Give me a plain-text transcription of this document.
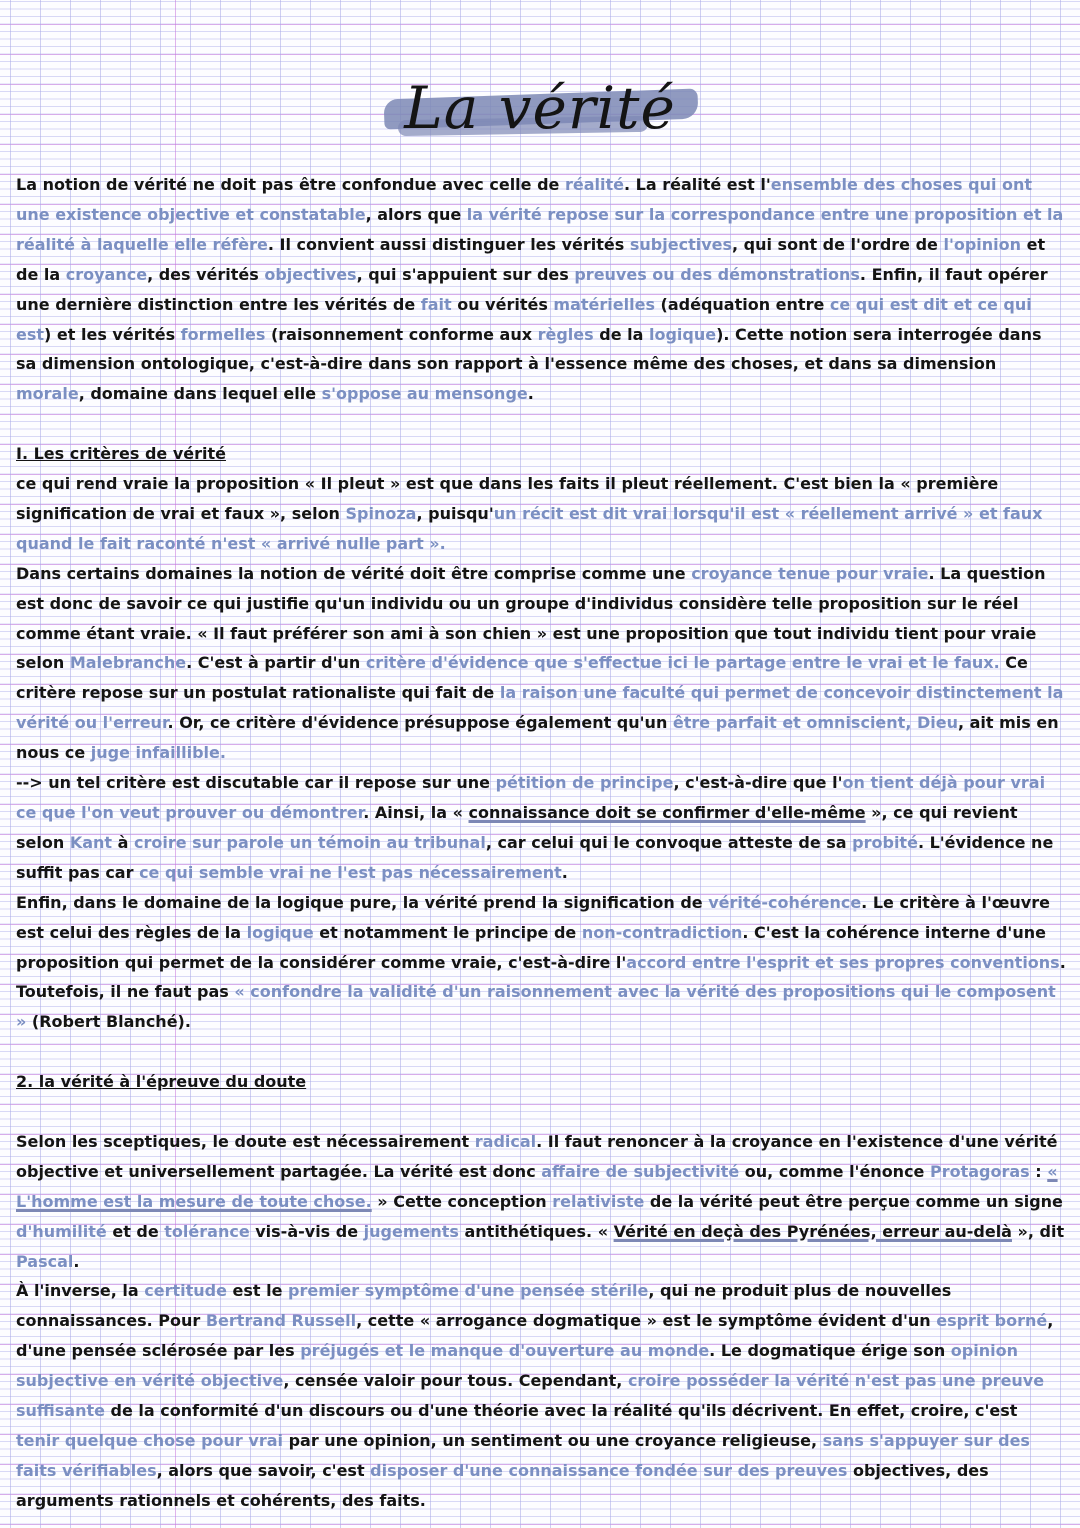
La vérité

La notion de vérité ne doit pas être confondue avec celle de réalité. La réalité est l'ensemble des choses qui ont une existence objective et constatable, alors que la vérité repose sur la correspondance entre une proposition et la réalité à laquelle elle réfère. Il convient aussi distinguer les vérités subjectives, qui sont de l'ordre de l'opinion et de la croyance, des vérités objectives, qui s'appuient sur des preuves ou des démonstrations. Enfin, il faut opérer une dernière distinction entre les vérités de fait ou vérités matérielles (adéquation entre ce qui est dit et ce qui est) et les vérités formelles (raisonnement conforme aux règles de la logique). Cette notion sera interrogée dans sa dimension ontologique, c'est-à-dire dans son rapport à l'essence même des choses, et dans sa dimension morale, domaine dans lequel elle s'oppose au mensonge.

I. Les critères de vérité

ce qui rend vraie la proposition « Il pleut » est que dans les faits il pleut réellement. C'est bien la « première signification de vrai et faux », selon Spinoza, puisqu'un récit est dit vrai lorsqu'il est « réellement arrivé » et faux quand le fait raconté n'est « arrivé nulle part ».

Dans certains domaines la notion de vérité doit être comprise comme une croyance tenue pour vraie. La question est donc de savoir ce qui justifie qu'un individu ou un groupe d'individus considère telle proposition sur le réel comme étant vraie. « Il faut préférer son ami à son chien » est une proposition que tout individu tient pour vraie selon Malebranche. C'est à partir d'un critère d'évidence que s'effectue ici le partage entre le vrai et le faux. Ce critère repose sur un postulat rationaliste qui fait de la raison une faculté qui permet de concevoir distinctement la vérité ou l'erreur. Or, ce critère d'évidence présuppose également qu'un être parfait et omniscient, Dieu, ait mis en nous ce juge infaillible.

--> un tel critère est discutable car il repose sur une pétition de principe, c'est-à-dire que l'on tient déjà pour vrai ce que l'on veut prouver ou démontrer. Ainsi, la « connaissance doit se confirmer d'elle-même », ce qui revient selon Kant à croire sur parole un témoin au tribunal, car celui qui le convoque atteste de sa probité. L'évidence ne suffit pas car ce qui semble vrai ne l'est pas nécessairement.

Enfin, dans le domaine de la logique pure, la vérité prend la signification de vérité-cohérence. Le critère à l'œuvre est celui des règles de la logique et notamment le principe de non-contradiction. C'est la cohérence interne d'une proposition qui permet de la considérer comme vraie, c'est-à-dire l'accord entre l'esprit et ses propres conventions. Toutefois, il ne faut pas « confondre la validité d'un raisonnement avec la vérité des propositions qui le composent » (Robert Blanché).

2. la vérité à l'épreuve du doute

Selon les sceptiques, le doute est nécessairement radical. Il faut renoncer à la croyance en l'existence d'une vérité objective et universellement partagée. La vérité est donc affaire de subjectivité ou, comme l'énonce Protagoras : « L'homme est la mesure de toute chose. » Cette conception relativiste de la vérité peut être perçue comme un signe d'humilité et de tolérance vis-à-vis de jugements antithétiques. « Vérité en deçà des Pyrénées, erreur au-delà », dit Pascal.

À l'inverse, la certitude est le premier symptôme d'une pensée stérile, qui ne produit plus de nouvelles connaissances. Pour Bertrand Russell, cette « arrogance dogmatique » est le symptôme évident d'un esprit borné, d'une pensée sclérosée par les préjugés et le manque d'ouverture au monde. Le dogmatique érige son opinion subjective en vérité objective, censée valoir pour tous. Cependant, croire posséder la vérité n'est pas une preuve suffisante de la conformité d'un discours ou d'une théorie avec la réalité qu'ils décrivent. En effet, croire, c'est tenir quelque chose pour vrai par une opinion, un sentiment ou une croyance religieuse, sans s'appuyer sur des faits vérifiables, alors que savoir, c'est disposer d'une connaissance fondée sur des preuves objectives, des arguments rationnels et cohérents, des faits.
